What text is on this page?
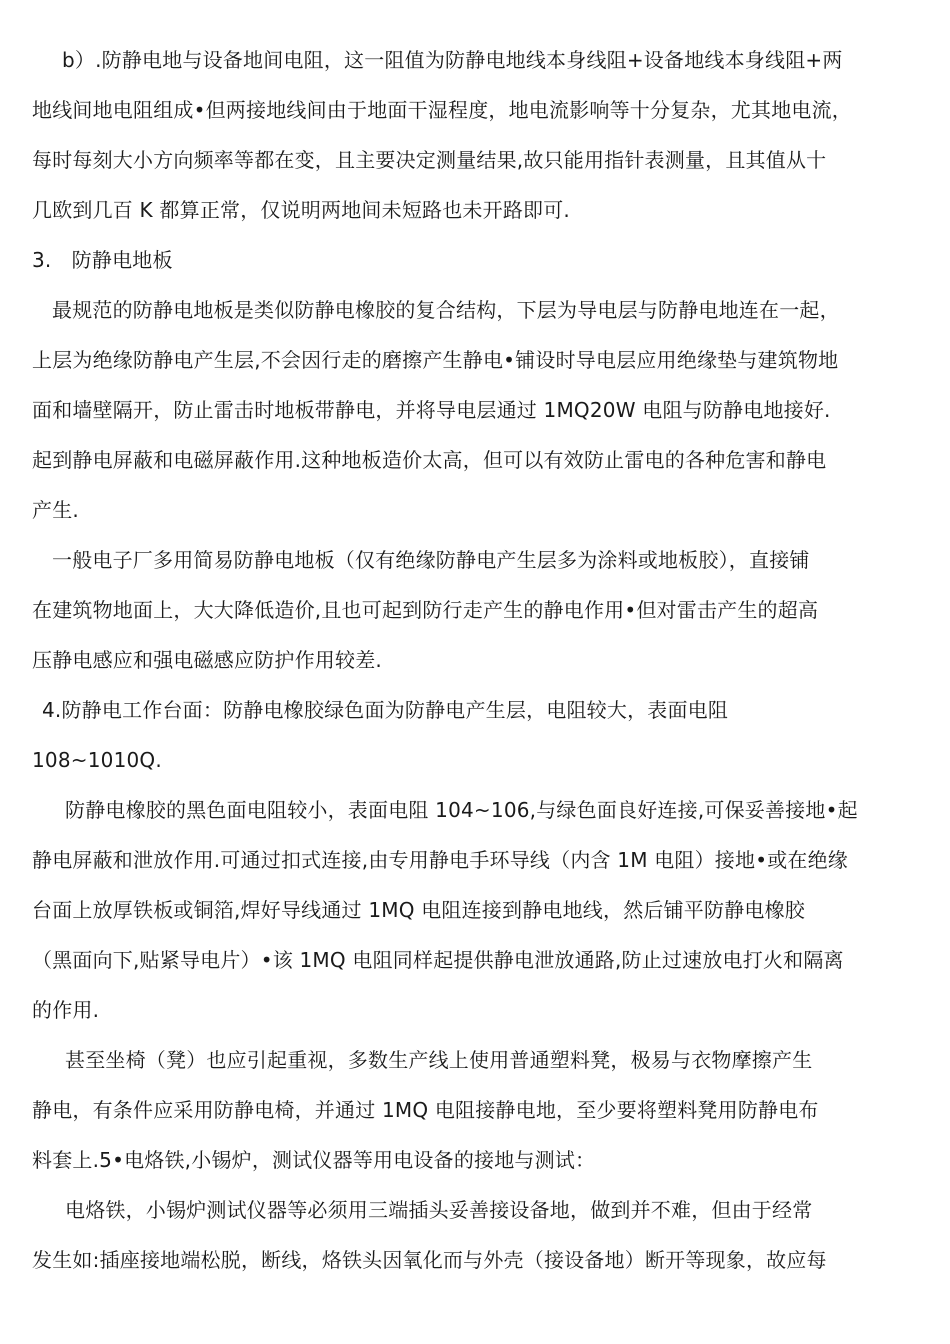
b）.防静电地与设备地间电阻，这一阻值为防静电地线本身线阻+设备地线本身线阻+两
地线间地电阻组成•但两接地线间由于地面干湿程度，地电流影响等十分复杂，尤其地电流，
每时每刻大小方向频率等都在变，且主要决定测量结果,故只能用指针表测量，且其值从十
几欧到几百 K 都算正常，仅说明两地间未短路也未开路即可.
3.　防静电地板
最规范的防静电地板是类似防静电橡胶的复合结构，下层为导电层与防静电地连在一起，
上层为绝缘防静电产生层,不会因行走的磨擦产生静电•铺设时导电层应用绝缘垫与建筑物地
面和墙壁隔开，防止雷击时地板带静电，并将导电层通过 1MQ20W 电阻与防静电地接好.
起到静电屏蔽和电磁屏蔽作用.这种地板造价太高，但可以有效防止雷电的各种危害和静电
产生.
一般电子厂多用简易防静电地板（仅有绝缘防静电产生层多为涂料或地板胶），直接铺
在建筑物地面上，大大降低造价,且也可起到防行走产生的静电作用•但对雷击产生的超高
压静电感应和强电磁感应防护作用较差.
4.防静电工作台面：防静电橡胶绿色面为防静电产生层，电阻较大，表面电阻
108~1010Q.
防静电橡胶的黑色面电阻较小，表面电阻 104~106,与绿色面良好连接,可保妥善接地•起
静电屏蔽和泄放作用.可通过扣式连接,由专用静电手环导线（内含 1M 电阻）接地•或在绝缘
台面上放厚铁板或铜箔,焊好导线通过 1MQ 电阻连接到静电地线，然后铺平防静电橡胶
（黑面向下,贴紧导电片）•该 1MQ 电阻同样起提供静电泄放通路,防止过速放电打火和隔离
的作用.
甚至坐椅（凳）也应引起重视，多数生产线上使用普通塑料凳，极易与衣物摩擦产生
静电，有条件应采用防静电椅，并通过 1MQ 电阻接静电地，至少要将塑料凳用防静电布
料套上.5•电烙铁,小锡炉，测试仪器等用电设备的接地与测试：
电烙铁，小锡炉测试仪器等必须用三端插头妥善接设备地，做到并不难，但由于经常
发生如:插座接地端松脱，断线，烙铁头因氧化而与外壳（接设备地）断开等现象，故应每
